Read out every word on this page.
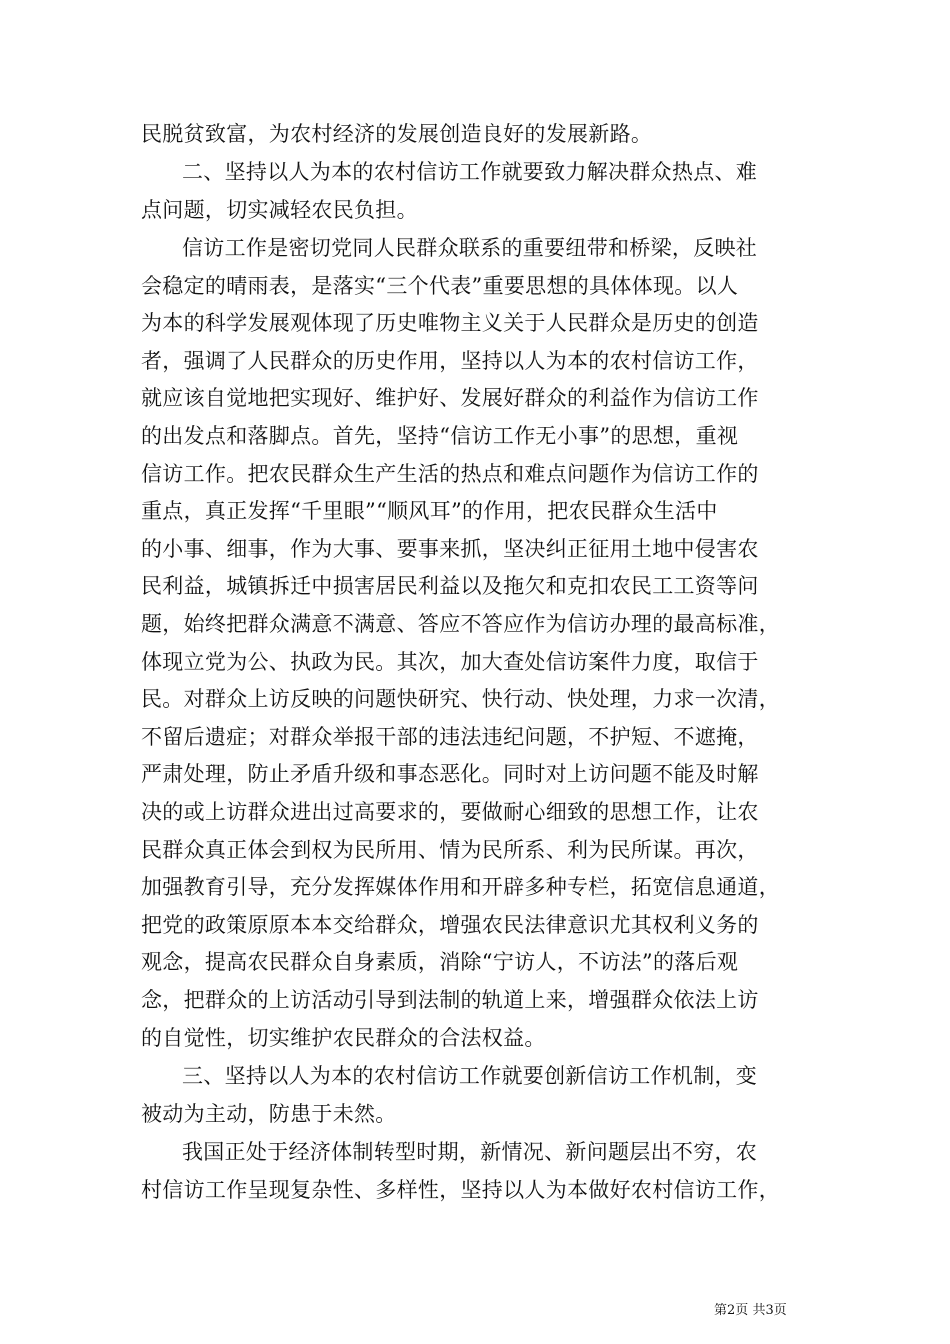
民脱贫致富，为农村经济的发展创造良好的发展新路。
二、坚持以人为本的农村信访工作就要致力解决群众热点、难
点问题，切实减轻农民负担。
信访工作是密切党同人民群众联系的重要纽带和桥梁，反映社
会稳定的晴雨表，是落实“三个代表”重要思想的具体体现。以人
为本的科学发展观体现了历史唯物主义关于人民群众是历史的创造
者，强调了人民群众的历史作用，坚持以人为本的农村信访工作，
就应该自觉地把实现好、维护好、发展好群众的利益作为信访工作
的出发点和落脚点。首先，坚持“信访工作无小事”的思想，重视
信访工作。把农民群众生产生活的热点和难点问题作为信访工作的
重点，真正发挥“千里眼”“顺风耳”的作用，把农民群众生活中
的小事、细事，作为大事、要事来抓，坚决纠正征用土地中侵害农
民利益，城镇拆迁中损害居民利益以及拖欠和克扣农民工工资等问
题，始终把群众满意不满意、答应不答应作为信访办理的最高标准，
体现立党为公、执政为民。其次，加大查处信访案件力度，取信于
民。对群众上访反映的问题快研究、快行动、快处理，力求一次清，
不留后遗症；对群众举报干部的违法违纪问题，不护短、不遮掩，
严肃处理，防止矛盾升级和事态恶化。同时对上访问题不能及时解
决的或上访群众进出过高要求的，要做耐心细致的思想工作，让农
民群众真正体会到权为民所用、情为民所系、利为民所谋。再次，
加强教育引导，充分发挥媒体作用和开辟多种专栏，拓宽信息通道，
把党的政策原原本本交给群众，增强农民法律意识尤其权利义务的
观念，提高农民群众自身素质，消除“宁访人，不访法”的落后观
念，把群众的上访活动引导到法制的轨道上来，增强群众依法上访
的自觉性，切实维护农民群众的合法权益。
三、坚持以人为本的农村信访工作就要创新信访工作机制，变
被动为主动，防患于未然。
我国正处于经济体制转型时期，新情况、新问题层出不穷，农
村信访工作呈现复杂性、多样性，坚持以人为本做好农村信访工作，
第2页 共3页
